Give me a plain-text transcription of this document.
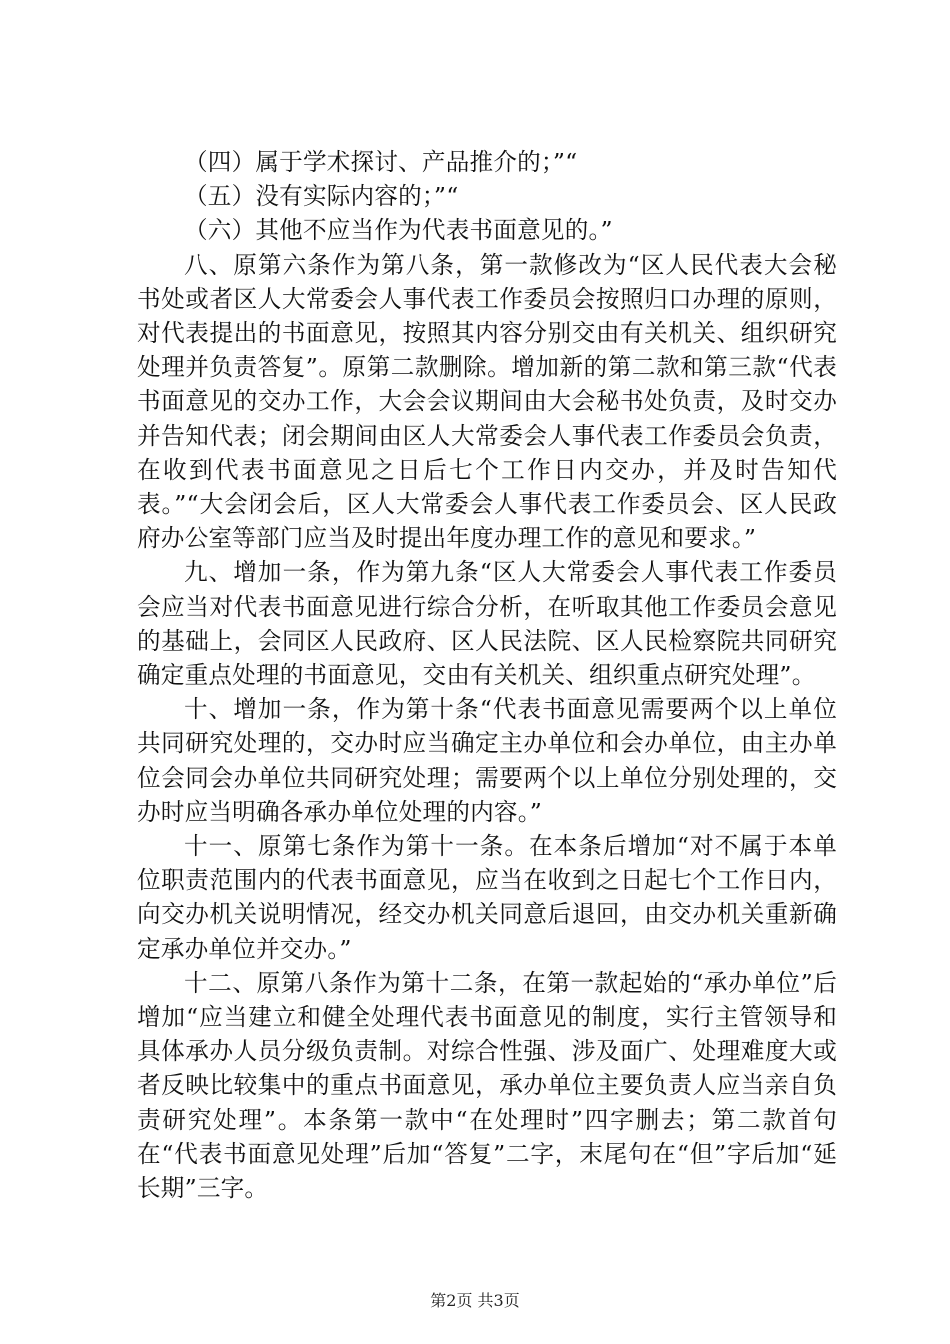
（四）属于学术探讨、产品推介的；”“

（五）没有实际内容的；”“

（六）其他不应当作为代表书面意见的。”

八、原第六条作为第八条，第一款修改为“区人民代表大会秘书处或者区人大常委会人事代表工作委员会按照归口办理的原则，对代表提出的书面意见，按照其内容分别交由有关机关、组织研究处理并负责答复”。原第二款删除。增加新的第二款和第三款“代表书面意见的交办工作，大会会议期间由大会秘书处负责，及时交办并告知代表；闭会期间由区人大常委会人事代表工作委员会负责，在收到代表书面意见之日后七个工作日内交办，并及时告知代表。”“大会闭会后，区人大常委会人事代表工作委员会、区人民政府办公室等部门应当及时提出年度办理工作的意见和要求。”

九、增加一条，作为第九条“区人大常委会人事代表工作委员会应当对代表书面意见进行综合分析，在听取其他工作委员会意见的基础上，会同区人民政府、区人民法院、区人民检察院共同研究确定重点处理的书面意见，交由有关机关、组织重点研究处理”。

十、增加一条，作为第十条“代表书面意见需要两个以上单位共同研究处理的，交办时应当确定主办单位和会办单位，由主办单位会同会办单位共同研究处理；需要两个以上单位分别处理的，交办时应当明确各承办单位处理的内容。”

十一、原第七条作为第十一条。在本条后增加“对不属于本单位职责范围内的代表书面意见，应当在收到之日起七个工作日内，向交办机关说明情况，经交办机关同意后退回，由交办机关重新确定承办单位并交办。”

十二、原第八条作为第十二条，在第一款起始的“承办单位”后增加“应当建立和健全处理代表书面意见的制度，实行主管领导和具体承办人员分级负责制。对综合性强、涉及面广、处理难度大或者反映比较集中的重点书面意见，承办单位主要负责人应当亲自负责研究处理”。本条第一款中“在处理时”四字删去；第二款首句在“代表书面意见处理”后加“答复”二字，末尾句在“但”字后加“延长期”三字。

第2页 共3页
